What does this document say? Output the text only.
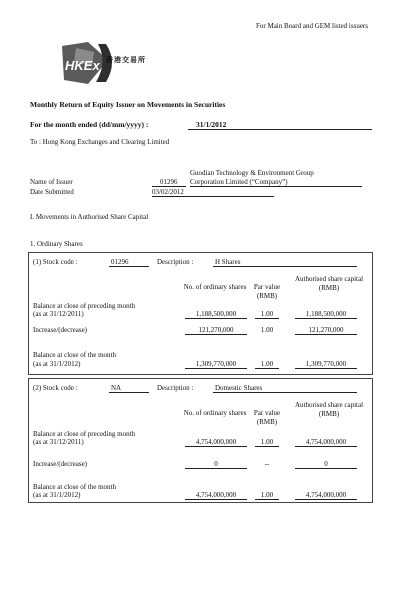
For Main Board and GEM listed issuers
HKEx 香港交易所
Monthly Return of Equity Issuer on Movements in Securities
For the month ended (dd/mm/yyyy) :	31/1/2012
To : Hong Kong Exchanges and Clearing Limited
Name of Issuer	01296
Guodian Technology & Environment Group
Corporation Limited (“Company”)
Date Submitted	03/02/2012
I. Movements in Authorised Share Capital
1. Ordinary Shares
(1) Stock code :	01296	Description :	H Shares
No. of ordinary shares	Par value (RMB)
Authorised share capital (RMB)
Balance at close of preceding month
(as at 31/12/2011)	1,188,500,000	1.00	1,188,500,000
Increase/(decrease)	121,270,000	1.00	121,270,000
Balance at close of the month
(as at 31/1/2012)	1,309,770,000	1.00	1,309,770,000
(2) Stock code :	NA	Description :	Domestic Shares
No. of ordinary shares	Par value (RMB)
Authorised share capital (RMB)
Balance at close of preceding month
(as at 31/12/2011)	4,754,000,000	1.00	4,754,000,000
Increase/(decrease)	0	--	0
Balance at close of the month
(as at 31/1/2012)	4,754,000,000	1.00	4,754,000,000
